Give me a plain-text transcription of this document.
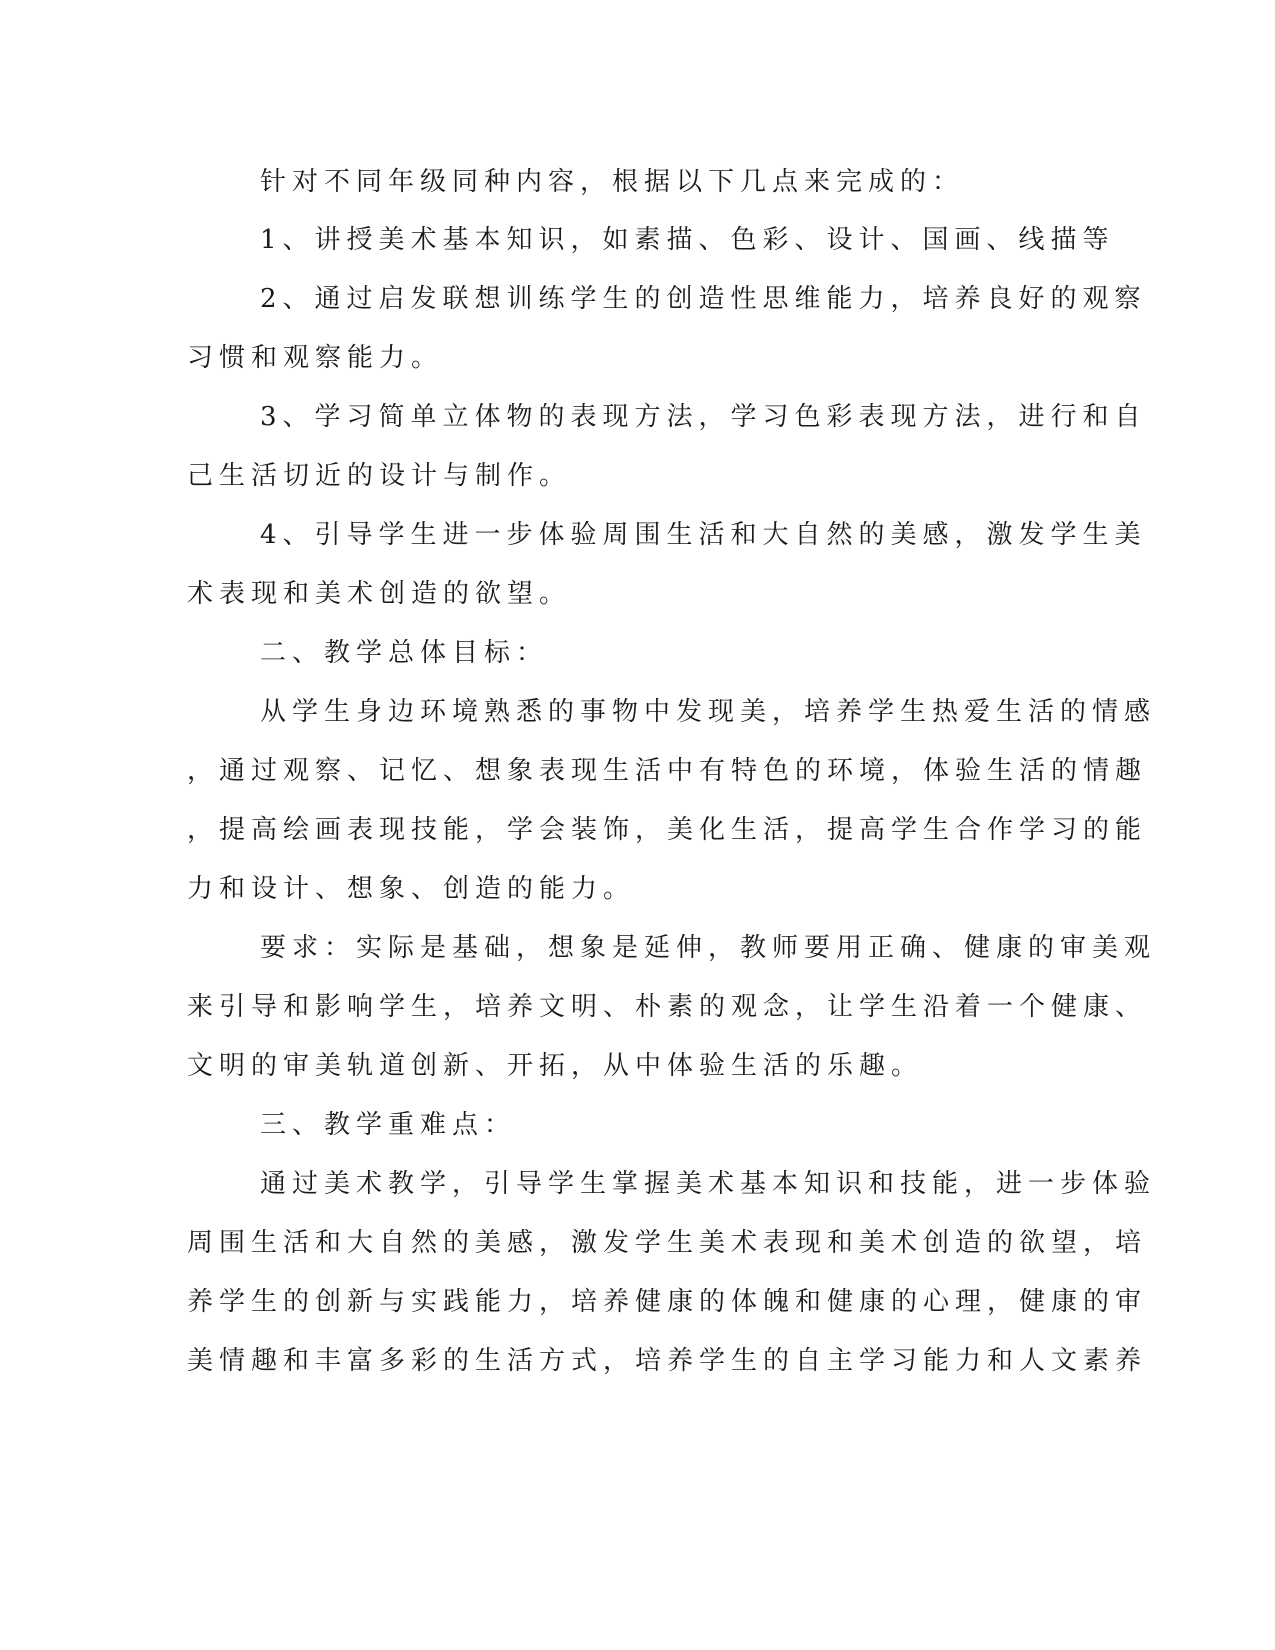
针对不同年级同种内容，根据以下几点来完成的：
1、讲授美术基本知识，如素描、色彩、设计、国画、线描等
2、通过启发联想训练学生的创造性思维能力，培养良好的观察
习惯和观察能力。
3、学习简单立体物的表现方法，学习色彩表现方法，进行和自
己生活切近的设计与制作。
4、引导学生进一步体验周围生活和大自然的美感，激发学生美
术表现和美术创造的欲望。
二、教学总体目标：
从学生身边环境熟悉的事物中发现美，培养学生热爱生活的情感
，通过观察、记忆、想象表现生活中有特色的环境，体验生活的情趣
，提高绘画表现技能，学会装饰，美化生活，提高学生合作学习的能
力和设计、想象、创造的能力。
要求：实际是基础，想象是延伸，教师要用正确、健康的审美观
来引导和影响学生，培养文明、朴素的观念，让学生沿着一个健康、
文明的审美轨道创新、开拓，从中体验生活的乐趣。
三、教学重难点：
通过美术教学，引导学生掌握美术基本知识和技能，进一步体验
周围生活和大自然的美感，激发学生美术表现和美术创造的欲望，培
养学生的创新与实践能力，培养健康的体魄和健康的心理，健康的审
美情趣和丰富多彩的生活方式，培养学生的自主学习能力和人文素养
